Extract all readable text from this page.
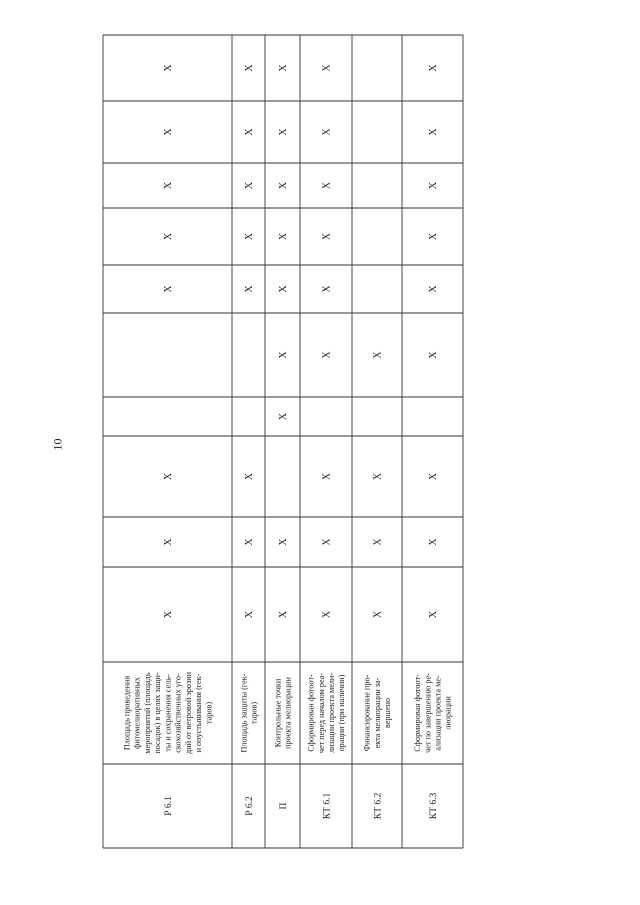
10
Р 6.1
Площадь проведенияфитомелиоративныхмероприятий (площадьпосадок) в целях защи-ты и сохранения сель-скохозяйственных уго-дий от ветровой эрозиии опустынивания (гек-таров)
X
X
X
X
X
X
X
X
Р 6.2
Площадь защиты (гек-таров)
X
X
X
X
X
X
X
X
П
Контрольные точкипроекта мелиорации
X
X
X
X
X
X
X
X
X
КТ 6.1
Сформирован фотоот-чет перед началом реа-лизации проекта мели-орации (при наличии)
X
X
X
X
X
X
X
X
X
КТ 6.2
Финансирование про-екта мелиорации за-вершено
X
X
X
X
КТ 6.3
Сформирован фотоот-чет по завершению ре-ализации проекта ме-лиорации
X
X
X
X
X
X
X
X
X
